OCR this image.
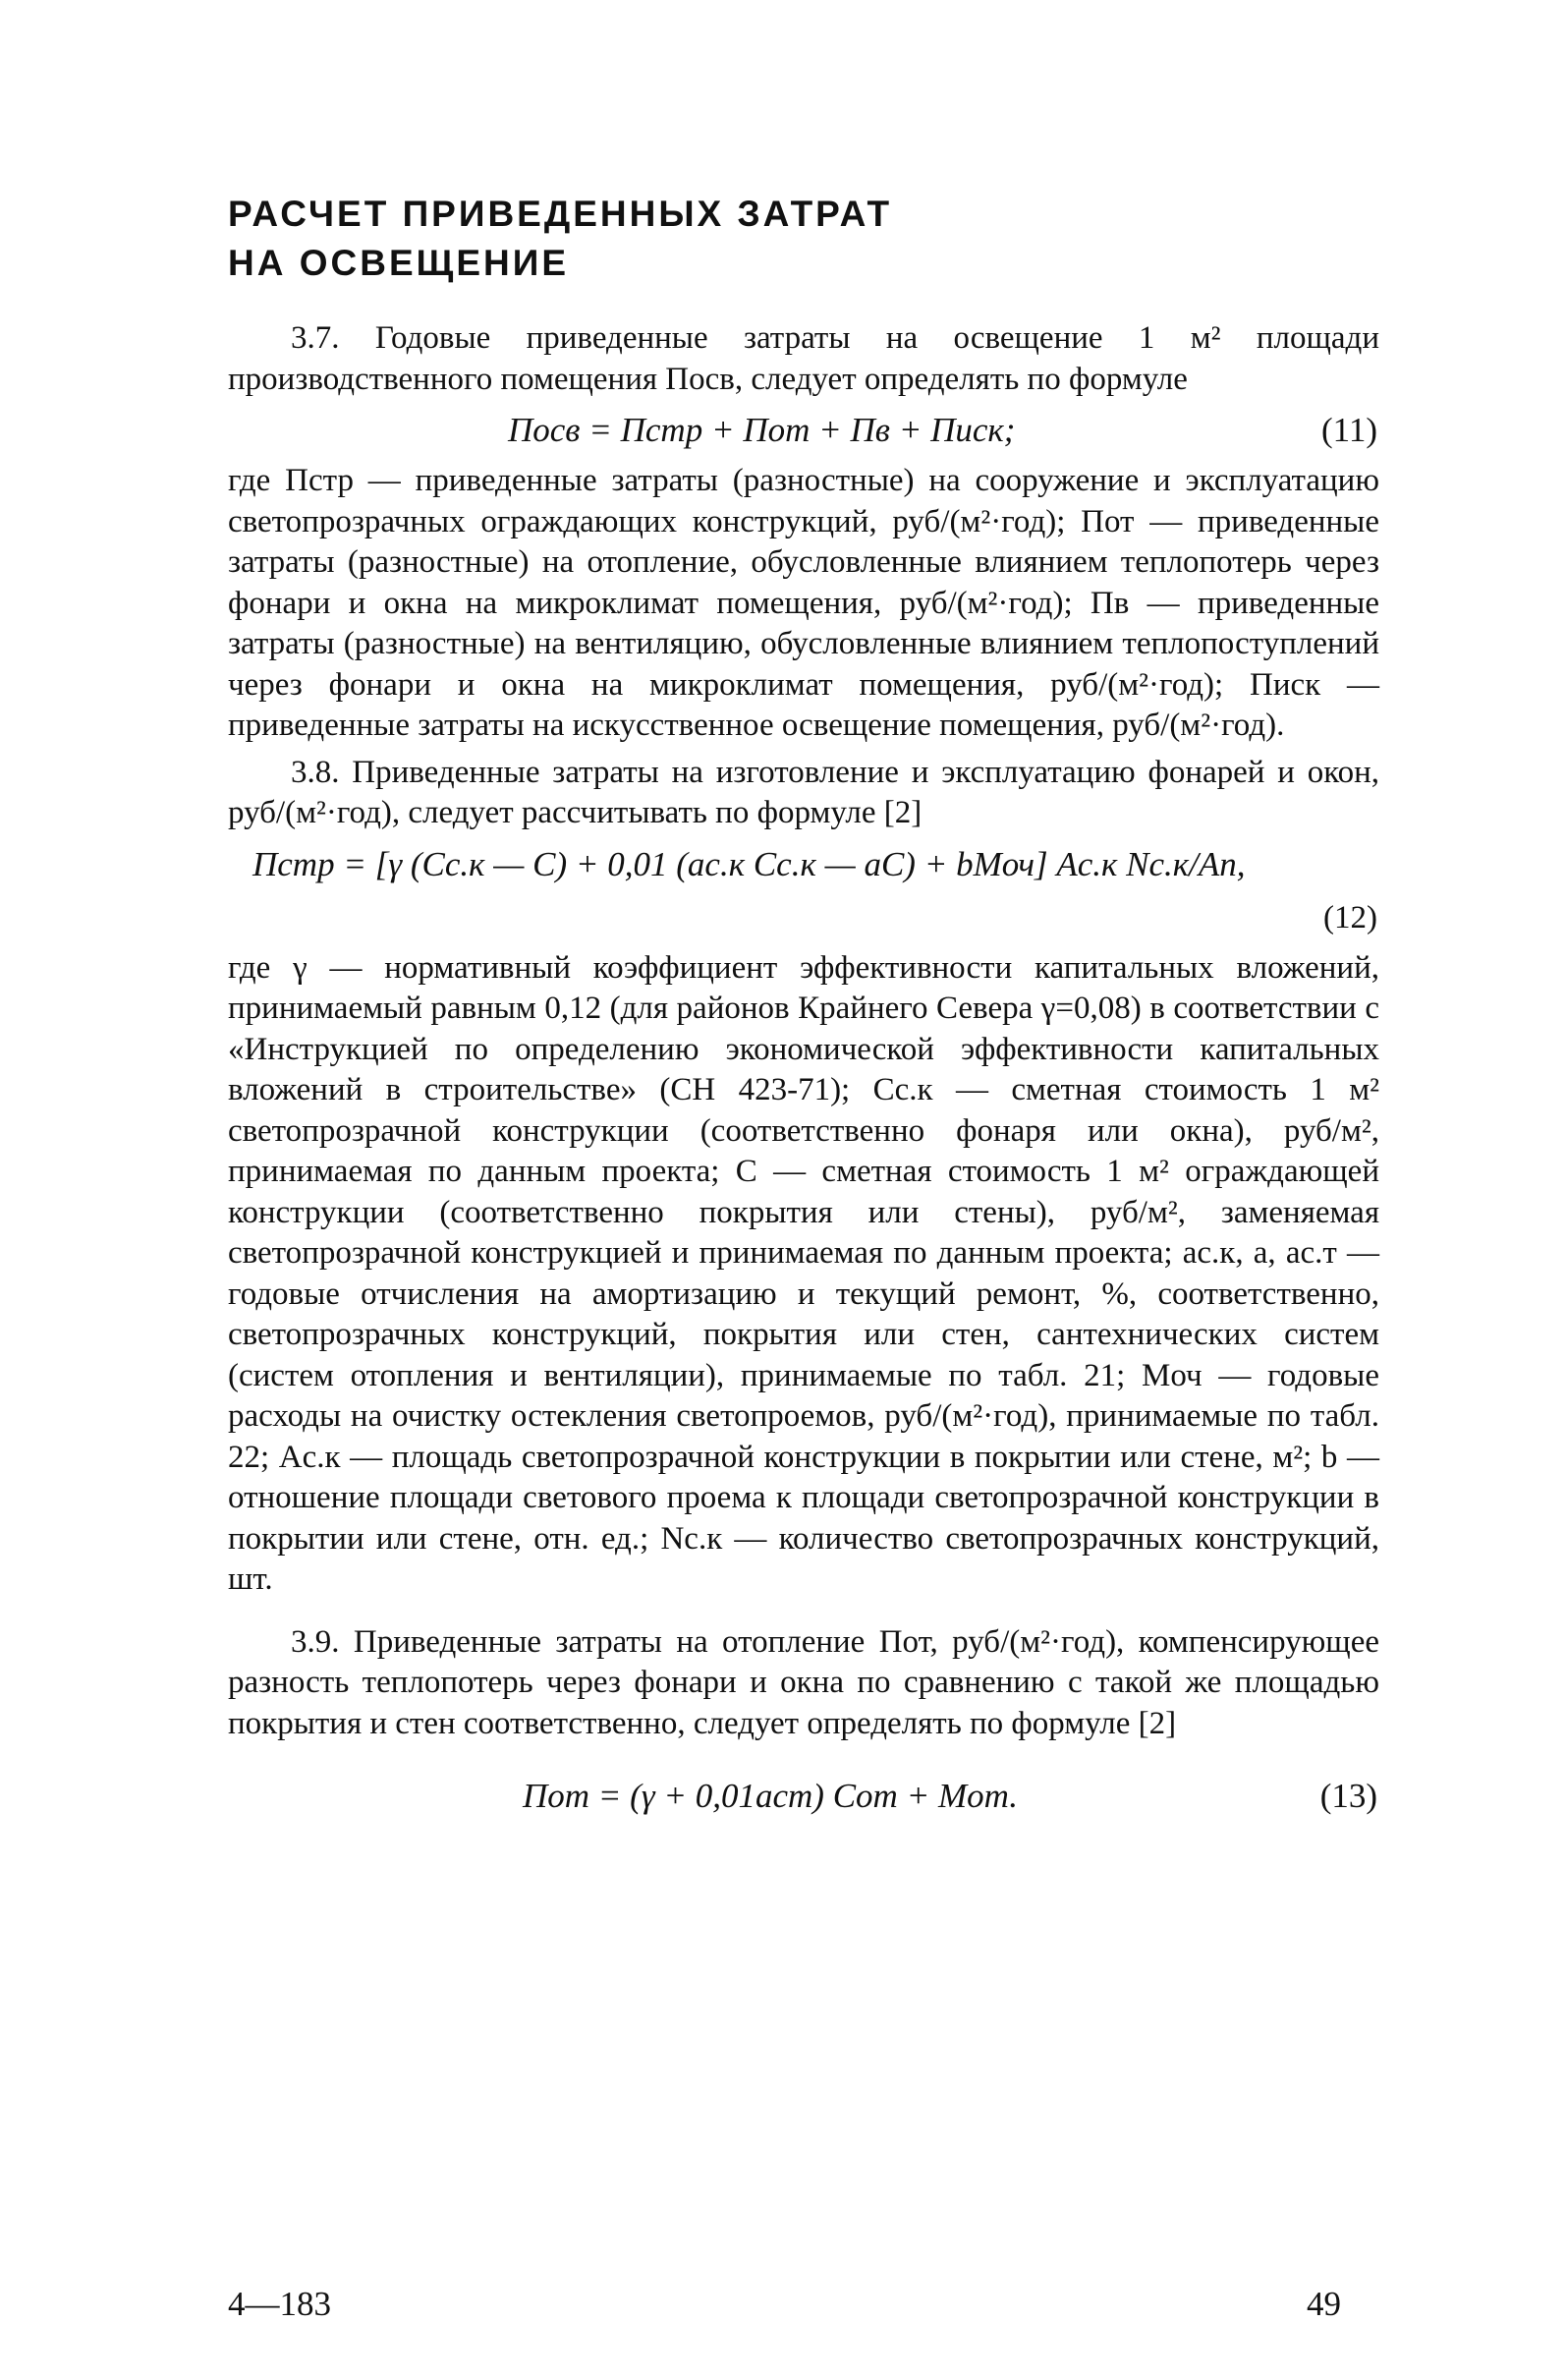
РАСЧЕТ ПРИВЕДЕННЫХ ЗАТРАТ
НА ОСВЕЩЕНИЕ

3.7. Годовые приведенные затраты на освещение 1 м² площади производственного помещения Поcв, следует определять по формуле

Посв = Пстр + Пот + Пв + Писк;	(11)

где Пстр — приведенные затраты (разностные) на сооружение и эксплуатацию светопрозрачных ограждающих конструкций, руб/(м²·год); Пот — приведенные затраты (разностные) на отопление, обусловленные влиянием теплопотерь через фонари и окна на микроклимат помещения, руб/(м²·год); Пв — приведенные затраты (разностные) на вентиляцию, обусловленные влиянием теплопоступлений через фонари и окна на микроклимат помещения, руб/(м²·год); Писк — приведенные затраты на искусственное освещение помещения, руб/(м²·год).

3.8. Приведенные затраты на изготовление и эксплуатацию фонарей и окон, руб/(м²·год), следует рассчитывать по формуле [2]

Пстр = [γ (Cс.к — C) + 0,01 (aс.к Cс.к — aC) + bMоч] Aс.к Nс.к/Aп,
(12)

где γ — нормативный коэффициент эффективности капитальных вложений, принимаемый равным 0,12 (для районов Крайнего Севера γ=0,08) в соответствии с «Инструкцией по определению экономической эффективности капитальных вложений в строительстве» (СН 423-71); Cс.к — сметная стоимость 1 м² светопрозрачной конструкции (соответственно фонаря или окна), руб/м², принимаемая по данным проекта; C — сметная стоимость 1 м² ограждающей конструкции (соответственно покрытия или стены), руб/м², заменяемая светопрозрачной конструкцией и принимаемая по данным проекта; aс.к, a, aс.т — годовые отчисления на амортизацию и текущий ремонт, %, соответственно, светопрозрачных конструкций, покрытия или стен, сантехнических систем (систем отопления и вентиляции), принимаемые по табл. 21; Mоч — годовые расходы на очистку остекления светопроемов, руб/(м²·год), принимаемые по табл. 22; Aс.к — площадь светопрозрачной конструкции в покрытии или стене, м²; b — отношение площади светового проема к площади светопрозрачной конструкции в покрытии или стене, отн. ед.; Nс.к — количество светопрозрачных конструкций, шт.

3.9. Приведенные затраты на отопление Пот, руб/(м²·год), компенсирующее разность теплопотерь через фонари и окна по сравнению с такой же площадью покрытия и стен соответственно, следует определять по формуле [2]

Пот = (γ + 0,01aст) Cот + Mот.	(13)
4—183	49
